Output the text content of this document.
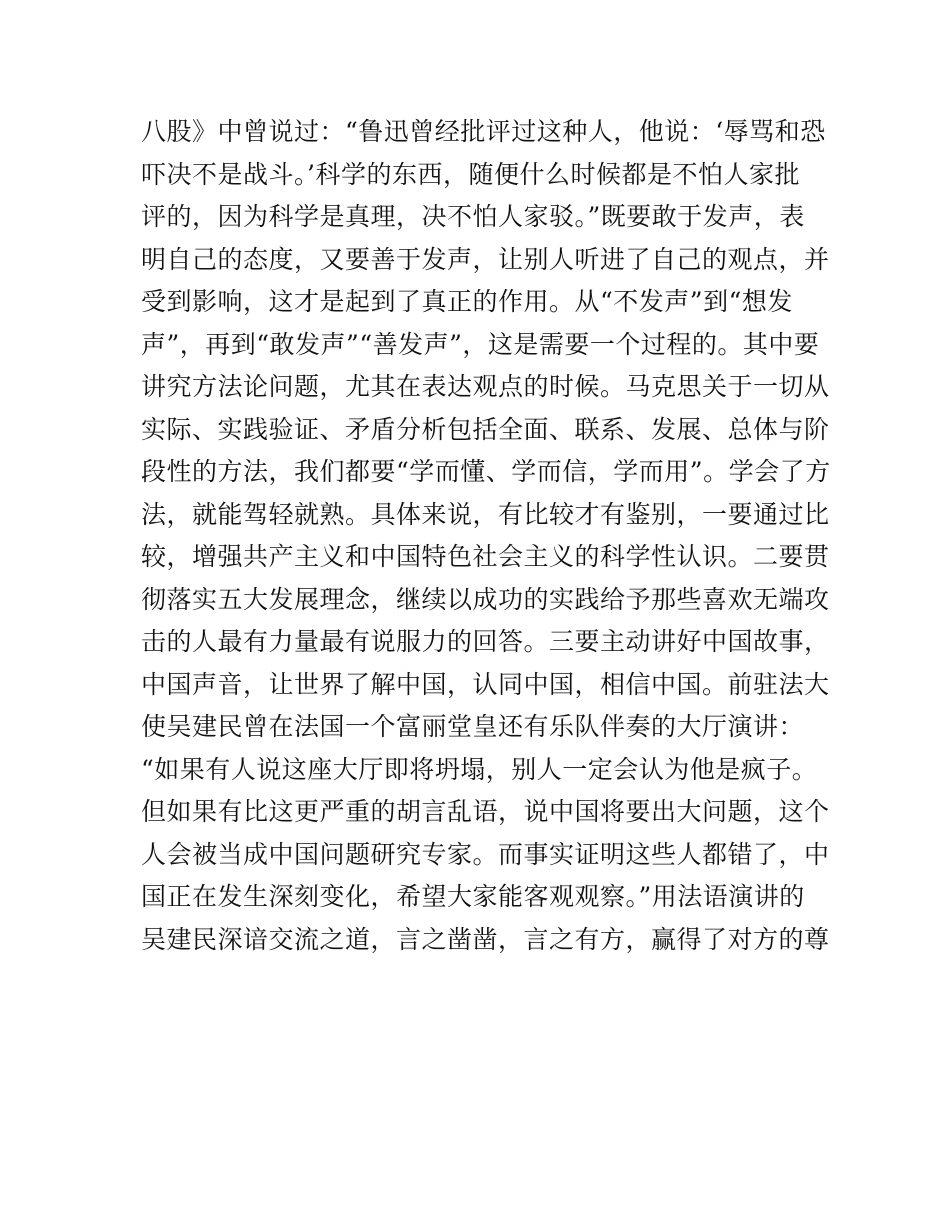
八股》中曾说过：“鲁迅曾经批评过这种人，他说：‘辱骂和恐
吓决不是战斗。’科学的东西，随便什么时候都是不怕人家批
评的，因为科学是真理，决不怕人家驳。”既要敢于发声，表
明自己的态度，又要善于发声，让别人听进了自己的观点，并
受到影响，这才是起到了真正的作用。从“不发声”到“想发
声”，再到“敢发声”“善发声”，这是需要一个过程的。其中要
讲究方法论问题，尤其在表达观点的时候。马克思关于一切从
实际、实践验证、矛盾分析包括全面、联系、发展、总体与阶
段性的方法，我们都要“学而懂、学而信，学而用”。学会了方
法，就能驾轻就熟。具体来说，有比较才有鉴别，一要通过比
较，增强共产主义和中国特色社会主义的科学性认识。二要贯
彻落实五大发展理念，继续以成功的实践给予那些喜欢无端攻
击的人最有力量最有说服力的回答。三要主动讲好中国故事，
中国声音，让世界了解中国，认同中国，相信中国。前驻法大
使吴建民曾在法国一个富丽堂皇还有乐队伴奏的大厅演讲：
“如果有人说这座大厅即将坍塌，别人一定会认为他是疯子。
但如果有比这更严重的胡言乱语，说中国将要出大问题，这个
人会被当成中国问题研究专家。而事实证明这些人都错了，中
国正在发生深刻变化，希望大家能客观观察。”用法语演讲的
吴建民深谙交流之道，言之凿凿，言之有方，赢得了对方的尊
